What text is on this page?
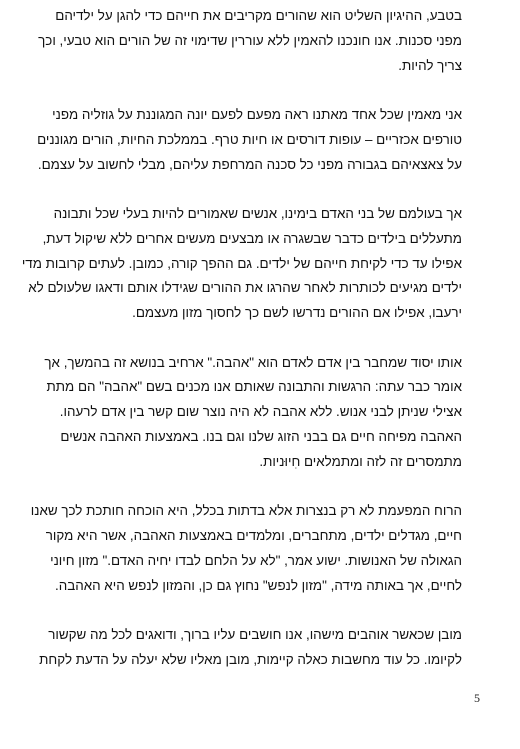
בטבע, ההיגיון השליט הוא שהורים מקריבים את חייהם כדי להגן על ילדיהם
מפני סכנות. אנו חונכנו להאמין ללא עוררין שדימוי זה של הורים הוא טבעי, וכך
צריך להיות.

אני מאמין שכל אחד מאתנו ראה מפעם לפעם יונה המגוננת על גוזליה מפני
טורפים אכזריים – עופות דורסים או חיות טרף. בממלכת החיות, הורים מגוננים
על צאצאיהם בגבורה מפני כל סכנה המרחפת עליהם, מבלי לחשוב על עצמם.

אך בעולמם של בני האדם בימינו, אנשים שאמורים להיות בעלי שכל ותבונה
מתעללים בילדים כדבר שבשגרה או מבצעים מעשים אחרים ללא שיקול דעת,
אפילו עד כדי לקיחת חייהם של ילדים. גם ההפך קורה, כמובן. לעתים קרובות מדי
ילדים מגיעים לכותרות לאחר שהרגו את ההורים שגידלו אותם ודאגו שלעולם לא
ירעבו, אפילו אם ההורים נדרשו לשם כך לחסוך מזון מעצמם.

אותו יסוד שמחבר בין אדם לאדם הוא "אהבה." ארחיב בנושא זה בהמשך, אך
אומר כבר עתה: הרגשות והתבונה שאותם אנו מכנים בשם "אהבה" הם מתת
אצילי שניתן לבני אנוש. ללא אהבה לא היה נוצר שום קשר בין אדם לרעהו.
האהבה מפיחה חיים גם בבני הזוג שלנו וגם בנו. באמצעות האהבה אנשים
מתמסרים זה לזה ומתמלאים חִיוּניות.

הרוח המפעמת לא רק בנצרות אלא בדתות בכלל, היא הוכחה חותכת לכך שאנו
חיים, מגדלים ילדים, מתחברים, ומלמדים באמצעות האהבה, אשר היא מקור
הגאולה של האנושות. ישוע אמר, "לא על הלחם לבדו יחיה האדם." מזון חיוני
לחיים, אך באותה מידה, "מזון לנפש" נחוץ גם כן, והמזון לנפש היא האהבה.

מובן שכאשר אוהבים מישהו, אנו חושבים עליו ברוך, ודואגים לכל מה שקשור
לקיומו. כל עוד מחשבות כאלה קיימות, מובן מאליו שלא יעלה על הדעת לקחת

5
